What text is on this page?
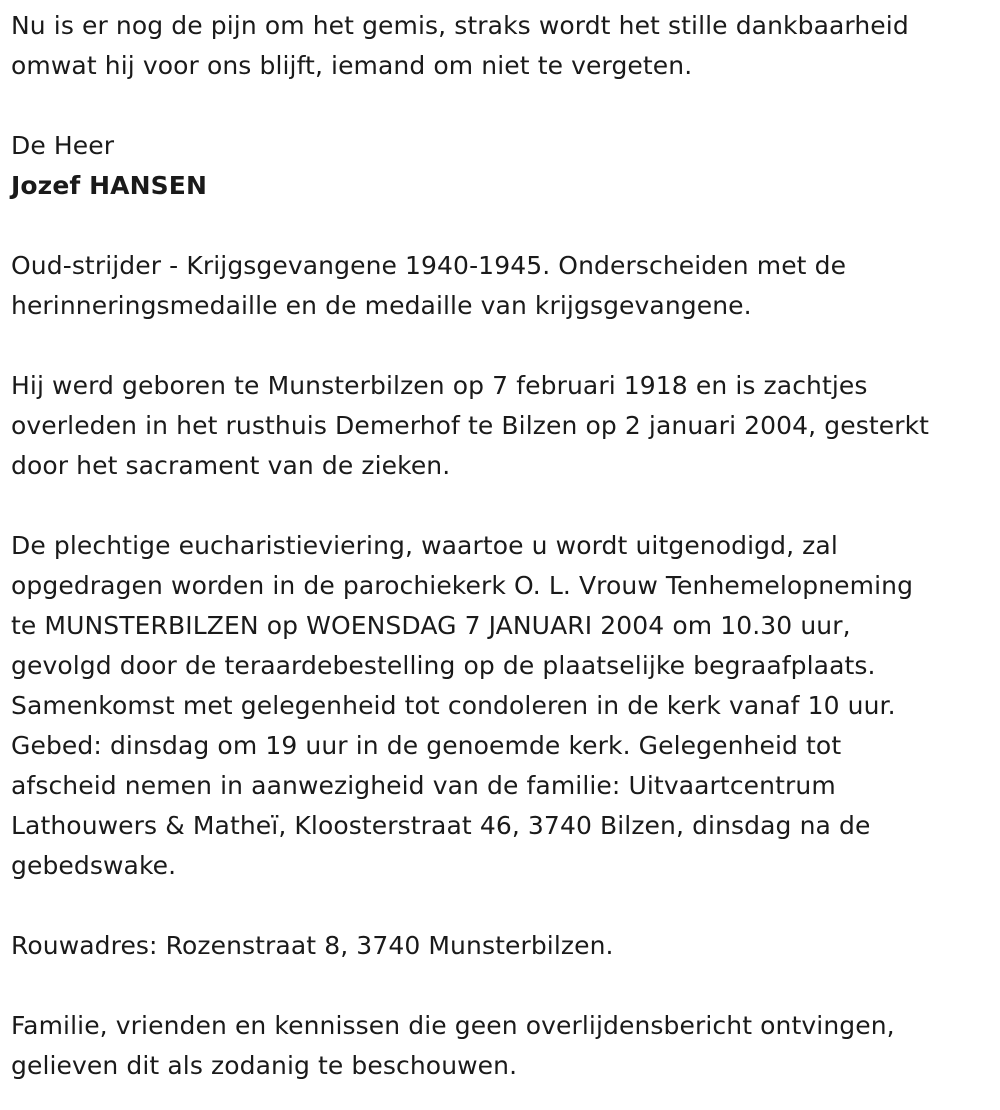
Nu is er nog de pijn om het gemis, straks wordt het stille dankbaarheid
omwat hij voor ons blijft, iemand om niet te vergeten.

De Heer
Jozef HANSEN

Oud-strijder - Krijgsgevangene 1940-1945. Onderscheiden met de
herinneringsmedaille en de medaille van krijgsgevangene.

Hij werd geboren te Munsterbilzen op 7 februari 1918 en is zachtjes
overleden in het rusthuis Demerhof te Bilzen op 2 januari 2004, gesterkt
door het sacrament van de zieken.

De plechtige eucharistieviering, waartoe u wordt uitgenodigd, zal
opgedragen worden in de parochiekerk O. L. Vrouw Tenhemelopneming
te MUNSTERBILZEN op WOENSDAG 7 JANUARI 2004 om 10.30 uur,
gevolgd door de teraardebestelling op de plaatselijke begraafplaats.
Samenkomst met gelegenheid tot condoleren in de kerk vanaf 10 uur.
Gebed: dinsdag om 19 uur in de genoemde kerk. Gelegenheid tot
afscheid nemen in aanwezigheid van de familie: Uitvaartcentrum
Lathouwers & Matheï, Kloosterstraat 46, 3740 Bilzen, dinsdag na de
gebedswake.

Rouwadres: Rozenstraat 8, 3740 Munsterbilzen.

Familie, vrienden en kennissen die geen overlijdensbericht ontvingen,
gelieven dit als zodanig te beschouwen.
